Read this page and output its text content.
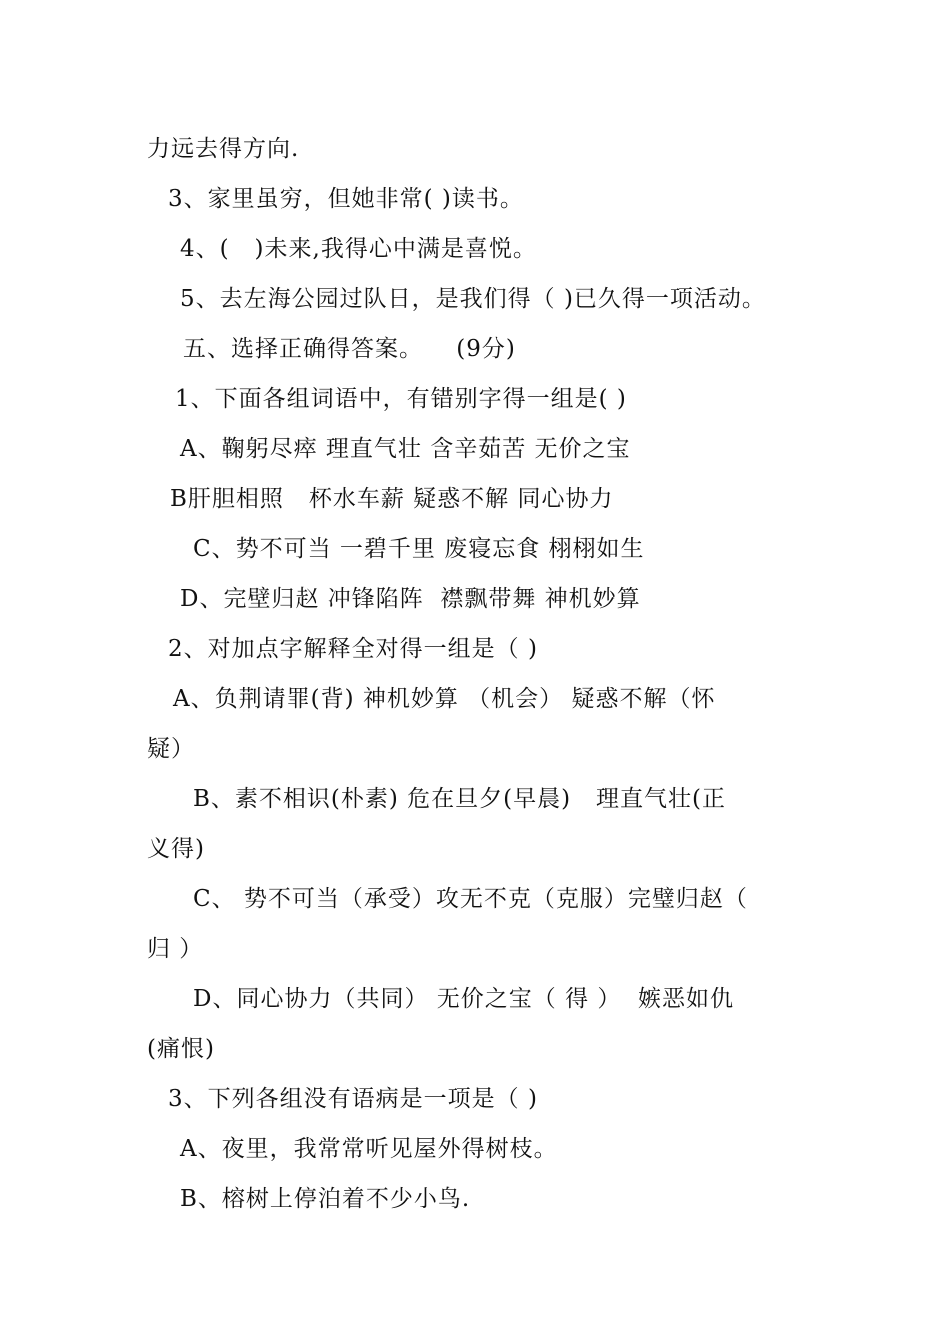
力远去得方向.
3、家里虽穷，但她非常( )读书。
4、(   )未来,我得心中满是喜悦。
5、去左海公园过队日，是我们得（ )已久得一项活动。
五、选择正确得答案。    (9分)
1、下面各组词语中，有错别字得一组是( )
A、鞠躬尽瘁 理直气壮 含辛茹苦 无价之宝
B肝胆相照   杯水车薪 疑惑不解 同心协力
C、势不可当 一碧千里 废寝忘食 栩栩如生
D、完壁归赵 冲锋陷阵  襟飘带舞 神机妙算
2、对加点字解释全对得一组是（ )
A、负荆请罪(背) 神机妙算 （机会） 疑惑不解（怀
疑）
B、素不相识(朴素) 危在旦夕(早晨)   理直气壮(正
义得)
C、 势不可当（承受）攻无不克（克服）完璧归赵（
归 ）
D、同心协力（共同） 无价之宝（ 得 ）  嫉恶如仇
(痛恨)
3、下列各组没有语病是一项是（ )
A、夜里，我常常听见屋外得树枝。
B、榕树上停泊着不少小鸟.
